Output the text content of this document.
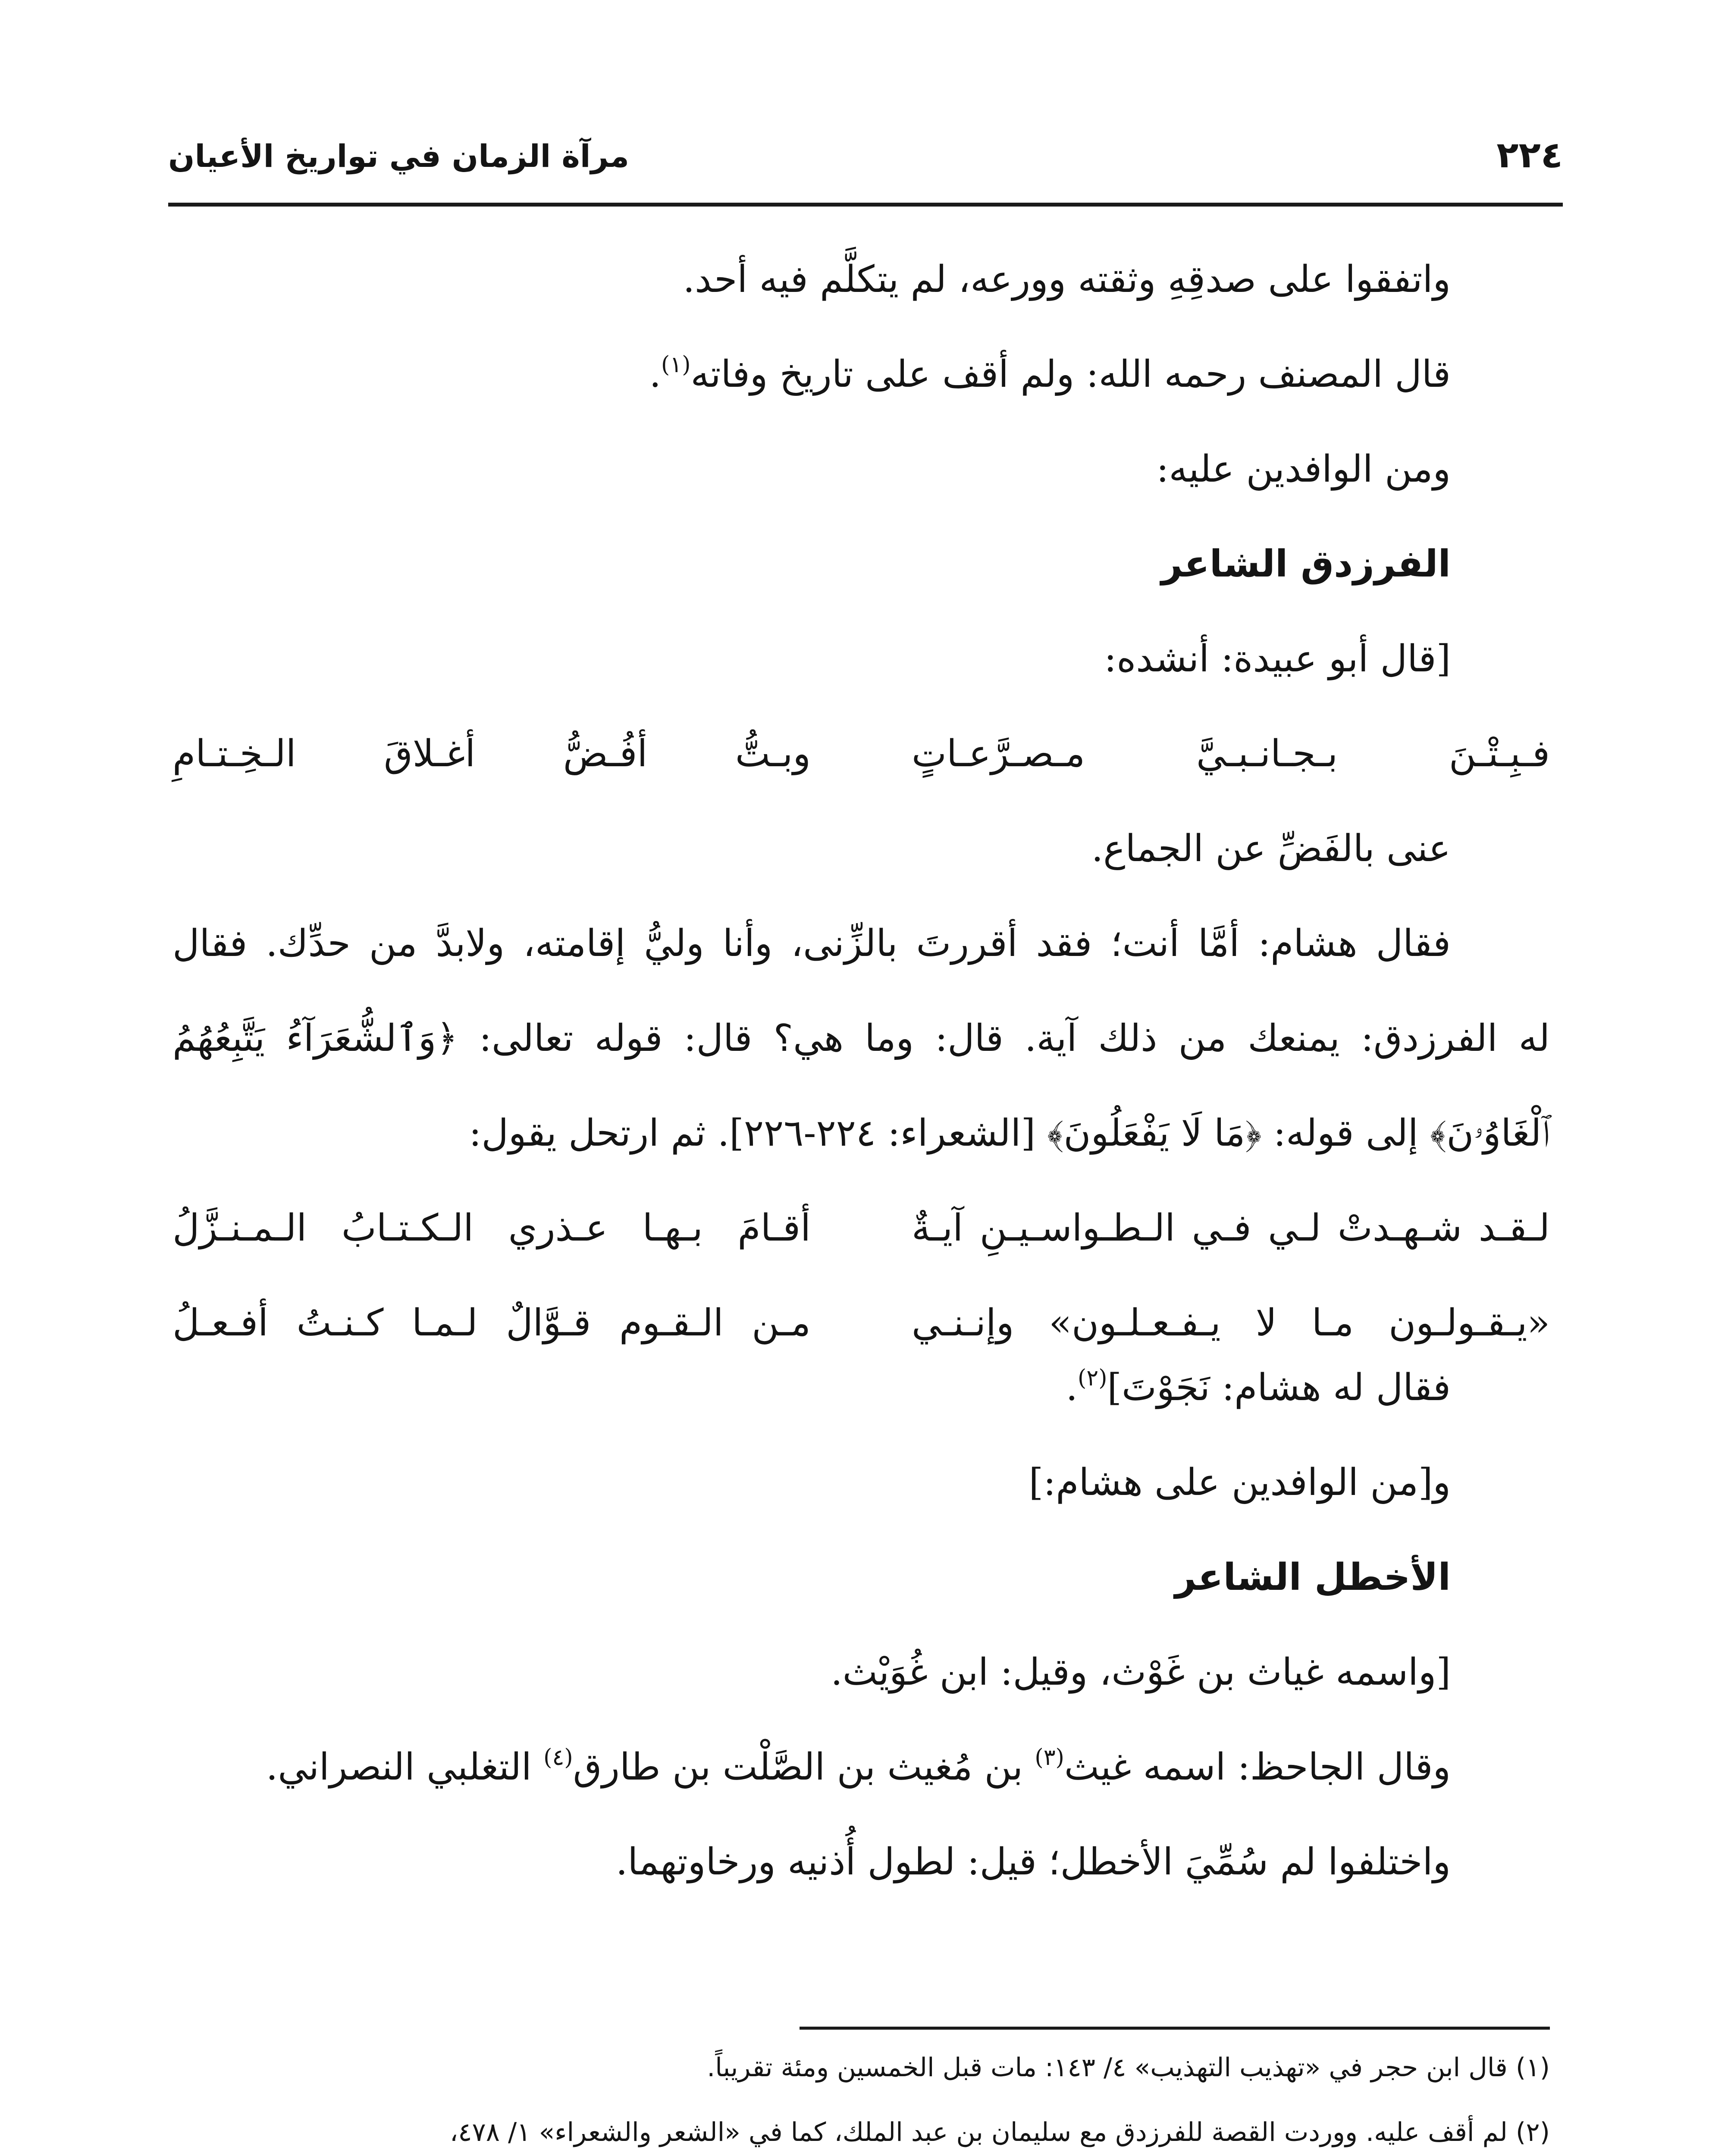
مرآة الزمان في تواريخ الأعيان	٢٢٤
واتفقوا على صدقِهِ وثقته وورعه، لم يتكلَّم فيه أحد.
قال المصنف رحمه الله: ولم أقف على تاريخ وفاته$^{(١)}$.
ومن الوافدين عليه:
الفرزدق الشاعر
[قال أبو عبيدة: أنشده:
فـبِـتْـنَ بـجـانـبـيَّ مـصـرَّعـاتٍ
وبـتُّ أفُـضُّ أغـلاقَ الـخِـتـامِ
عنى بالفَضِّ عن الجماع.
فقال هشام: أمَّا أنت؛ فقد أقررتَ بالزِّنى، وأنا وليُّ إقامته، ولابدَّ من حدِّك. فقال
له الفرزدق: يمنعك من ذلك آية. قال: وما هي؟ قال: قوله تعالى: ﴿وَٱلشُّعَرَآءُ يَتَّبِعُهُمُ
ٱلْغَاوُۥنَ﴾ إلى قوله: ﴿مَا لَا يَفْعَلُونَ﴾ [الشعراء: ٢٢٤-٢٢٦]. ثم ارتحل يقول:
لـقـد شـهـدتْ لـي فـي الـطـواسـيـنِ آيـةٌ
أقـامَ بـهـا عـذري الـكـتـابُ الـمـنـزَّلُ
«يـقـولـون مـا لا يـفـعـلـون» وإنـنـي
مـن الـقـوم قـوَّالٌ لـمـا كـنـتُ أفـعـلُ
فقال له هشام: نَجَوْتَ]$^{(٢)}$.
و[من الوافدين على هشام:]
الأخطل الشاعر
[واسمه غياث بن غَوْث، وقيل: ابن غُوَيْث.
وقال الجاحظ: اسمه غيث$^{(٣)}$ بن مُغيث بن الصَّلْت بن طارق$^{(٤)}$ التغلبي النصراني.
واختلفوا لم سُمِّيَ الأخطل؛ قيل: لطول أُذنيه ورخاوتهما.
(١) قال ابن حجر في «تهذيب التهذيب» ٤/ ١٤٣: مات قبل الخمسين ومئة تقريباً.
(٢) لم أقف عليه. ووردت القصة للفرزدق مع سليمان بن عبد الملك، كما في «الشعر والشعراء» ١/ ٤٧٨،
